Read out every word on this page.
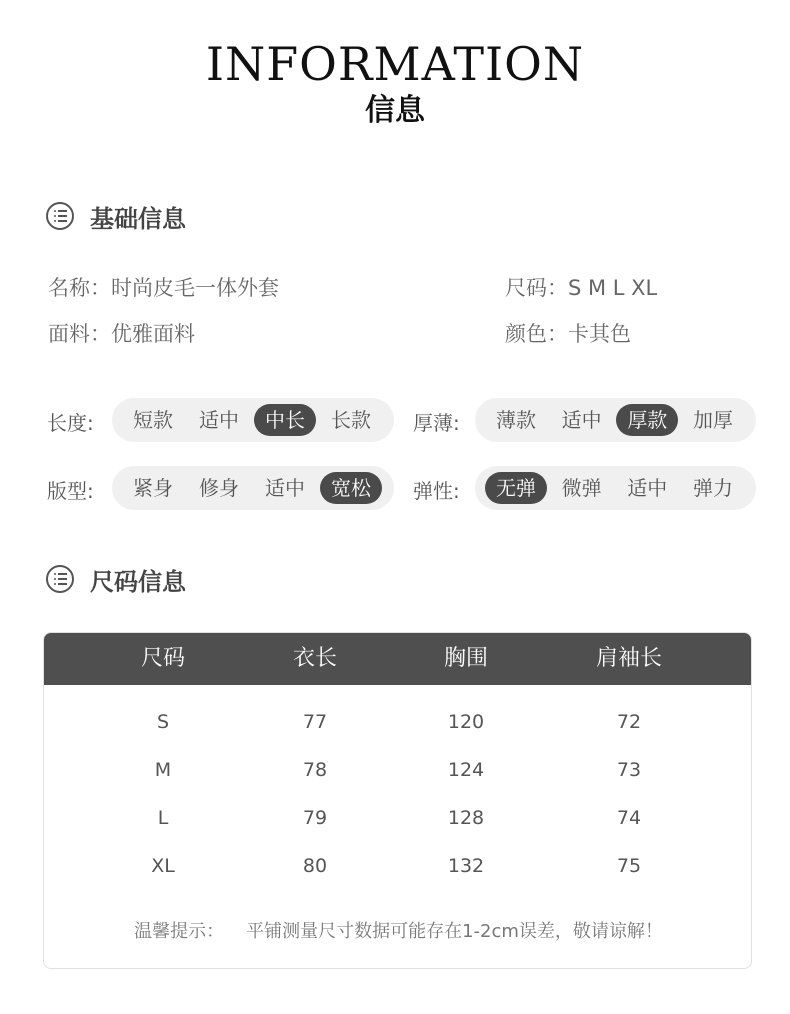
INFORMATION
信息
基础信息
名称：时尚皮毛一体外套	尺码：S M L XL
面料：优雅面料	颜色：卡其色
长度:	短款	适中	中长	长款	厚薄:	薄款	适中	厚款	加厚
版型:	紧身	修身	适中	宽松	弹性:	无弹	微弹	适中	弹力
尺码信息
尺码	衣长	胸围	肩袖长
S	77	120	72
M	78	124	73
L	79	128	74
XL	80	132	75
温馨提示： 平铺测量尺寸数据可能存在1-2cm误差，敬请谅解！
